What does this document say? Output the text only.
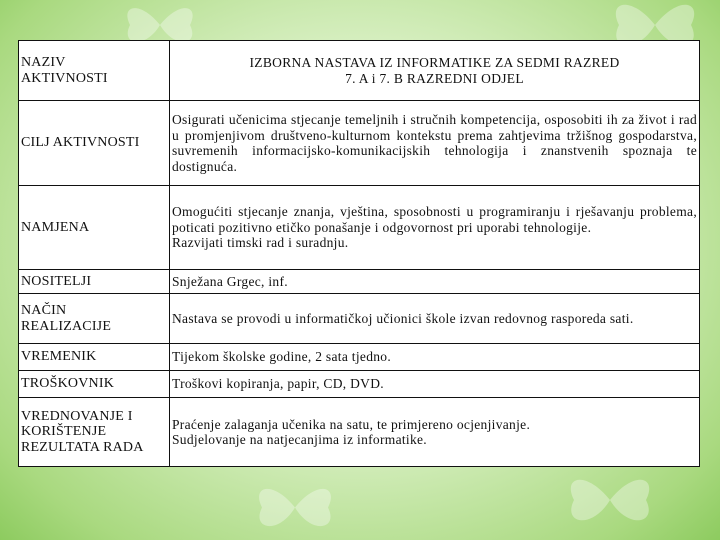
NAZIV
AKTIVNOSTI	IZBORNA NASTAVA IZ INFORMATIKE ZA SEDMI RAZRED
7. A i 7. B RAZREDNI ODJEL

CILJ AKTIVNOSTI	Osigurati učenicima stjecanje temeljnih i stručnih kompetencija, osposobiti ih za život i rad u promjenjivom društveno-kulturnom kontekstu prema zahtjevima tržišnog gospodarstva, suvremenih informacijsko-komunikacijskih tehnologija i znanstvenih spoznaja te dostignuća.
NAMJENA	Omogućiti stjecanje znanja, vještina, sposobnosti u programiranju i rješavanju problema, poticati pozitivno etičko ponašanje i odgovornost pri uporabi tehnologije.
Razvijati timski rad i suradnju.

NOSITELJI	Snježana Grgec, inf.

NAČIN
REALIZACIJE	Nastava se provodi u informatičkoj učionici škole izvan redovnog rasporeda sati.
VREMENIK	Tijekom školske godine, 2 sata tjedno.
TROŠKOVNIK	Troškovi kopiranja, papir, CD, DVD.

VREDNOVANJE I
KORIŠTENJE
REZULTATA RADA	Praćenje zalaganja učenika na satu, te primjereno ocjenjivanje.
Sudjelovanje na natjecanjima iz informatike.
